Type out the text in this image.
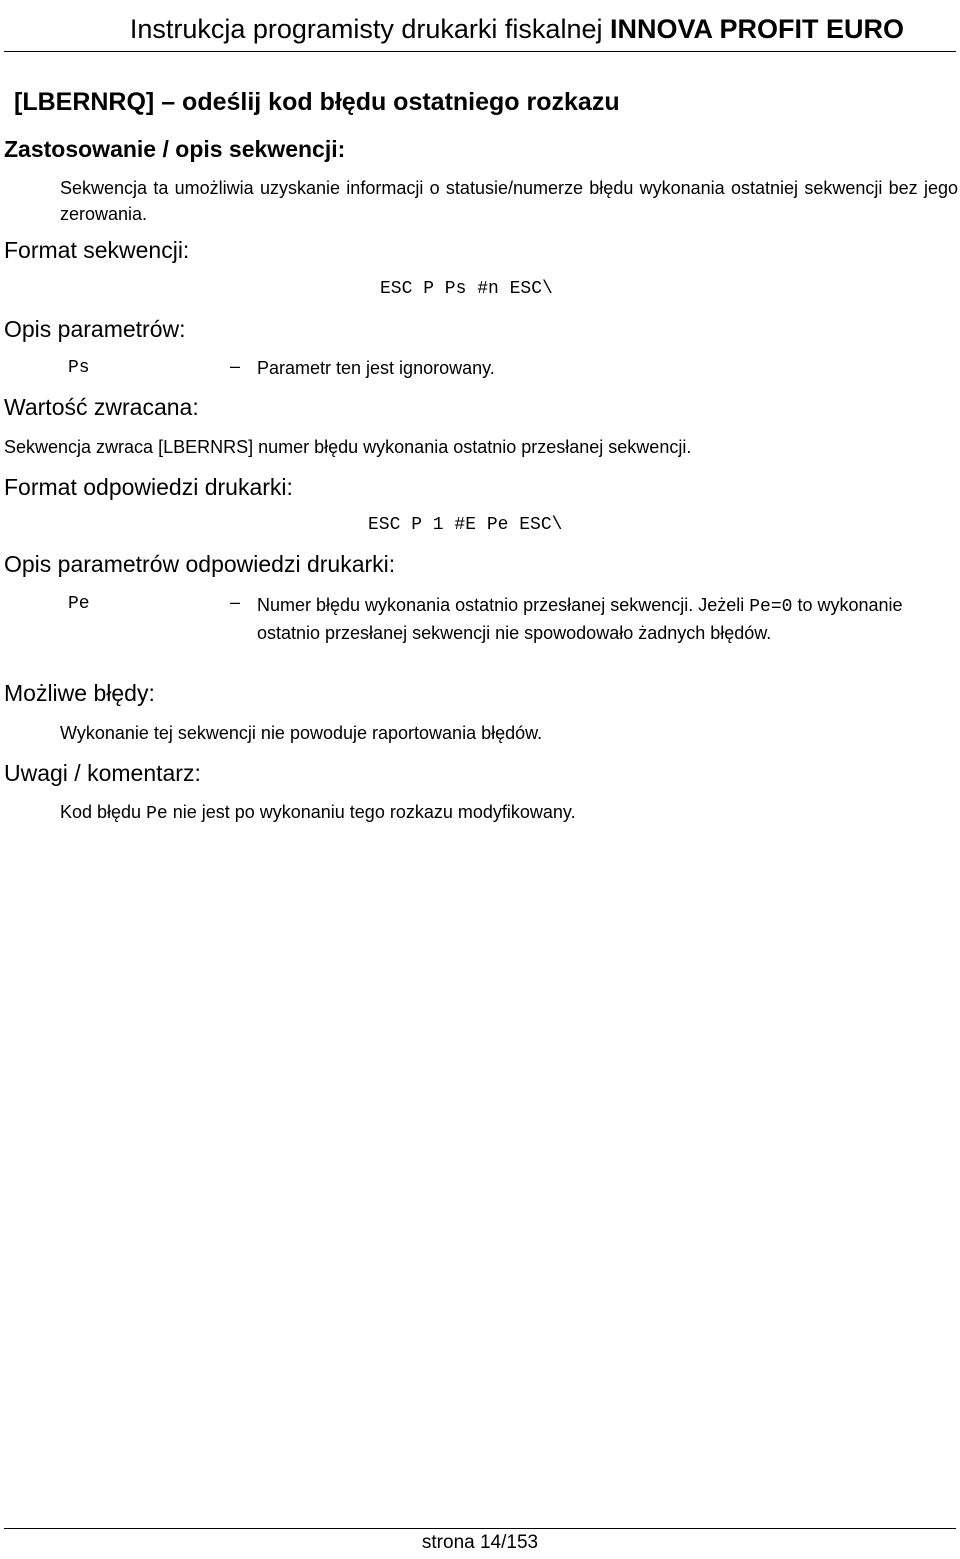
Instrukcja programisty drukarki fiskalnej INNOVA PROFIT EURO
[LBERNRQ] – odeślij kod błędu ostatniego rozkazu
Zastosowanie / opis sekwencji:
Sekwencja ta umożliwia uzyskanie informacji o statusie/numerze błędu wykonania ostatniej sekwencji bez jego zerowania.
Format sekwencji:
ESC P Ps #n ESC\
Opis parametrów:
Ps	– Parametr ten jest ignorowany.
Wartość zwracana:
Sekwencja zwraca [LBERNRS] numer błędu wykonania ostatnio przesłanej sekwencji.
Format odpowiedzi drukarki:
ESC P 1 #E Pe ESC\
Opis parametrów odpowiedzi drukarki:
Pe	– Numer błędu wykonania ostatnio przesłanej sekwencji. Jeżeli Pe=0 to wykonanie ostatnio przesłanej sekwencji nie spowodowało żadnych błędów.
Możliwe błędy:
Wykonanie tej sekwencji nie powoduje raportowania błędów.
Uwagi / komentarz:
Kod błędu Pe nie jest po wykonaniu tego rozkazu modyfikowany.
strona 14/153
